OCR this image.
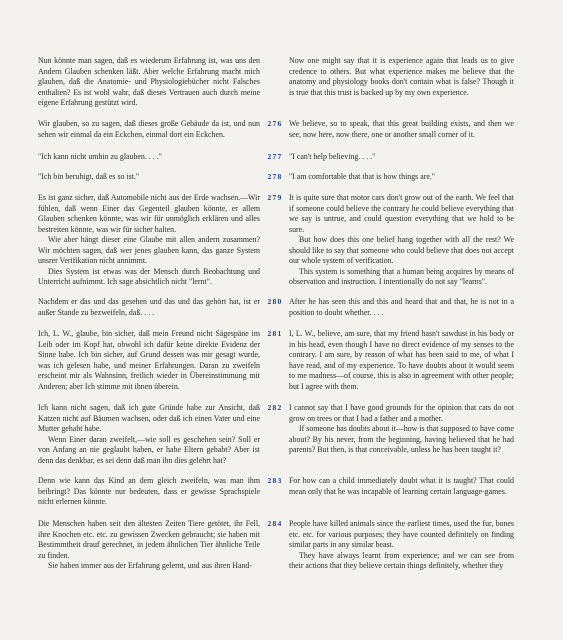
Nun könnte man sagen, daß es wiederum Erfahrung ist, was uns den Andern Glauben schenken läßt. Aber welche Erfahrung macht mich glauben, daß die Anatomie- und Physiologiebücher nicht Falsches enthalten? Es ist wohl wahr, daß dieses Vertrauen auch durch meine eigene Erfahrung gestützt wird.

Now one might say that it is experience again that leads us to give credence to others. But what experience makes me believe that the anatomy and physiology books don't contain what is false? Though it is true that this trust is backed up by my own experience.

Wir glauben, so zu sagen, daß dieses große Gebäude da ist, und nun sehen wir einmal da ein Eckchen, einmal dort ein Eckchen.

276 We believe, so to speak, that this great building exists, and then we see, now here, now there, one or another small corner of it.

"Ich kann nicht umhin zu glauben. . . ."	277 "I can't help believing. . . ."

"Ich bin beruhigt, daß es so ist."	278 "I am comfortable that that is how things are."

Es ist ganz sicher, daß Automobile nicht aus der Erde wachsen.—Wir fühlen, daß wenn Einer das Gegenteil glauben könnte, er allem Glauben schenken könnte, was wir für unmöglich erklären und alles bestreiten könnte, was wir für sicher halten.

Wie aber hängt dieser eine Glaube mit allen andern zusammen? Wir möchten sagen, daß wer jenes glauben kann, das ganze System unsrer Verifikation nicht annimmt.

Dies System ist etwas was der Mensch durch Beobachtung und Unterricht aufnimmt. Ich sage absichtlich nicht "lernt".

279 It is quite sure that motor cars don't grow out of the earth. We feel that if someone could believe the contrary he could believe everything that we say is untrue, and could question everything that we hold to be sure.

But how does this one belief hang together with all the rest? We should like to say that someone who could believe that does not accept our whole system of verification.

This system is something that a human being acquires by means of observation and instruction. I intentionally do not say "learns".

Nachdem er das und das gesehen und das und das gehört hat, ist er außer Stande zu bezweifeln, daß. . . .

280 After he has seen this and this and heard that and that, he is not in a position to doubt whether. . . .

Ich, L. W., glaube, bin sicher, daß mein Freund nicht Sägespäne im Leib oder im Kopf hat, obwohl ich dafür keine direkte Evidenz der Sinne habe. Ich bin sicher, auf Grund dessen was mir gesagt wurde, was ich gelesen habe, und meiner Erfahrungen. Daran zu zweifeln erscheint mir als Wahnsinn, freilich wieder in Übereinstimmung mit Anderen; aber Ich stimme mit ihnen überein.

281 I, L. W., believe, am sure, that my friend hasn't sawdust in his body or in his head, even though I have no direct evidence of my senses to the contrary. I am sure, by reason of what has been said to me, of what I have read, and of my experience. To have doubts about it would seem to me madness—of course, this is also in agreement with other people; but I agree with them.

Ich kann nicht sagen, daß ich gute Gründe habe zur Ansicht, daß Katzen nicht auf Bäumen wachsen, oder daß ich einen Vater und eine Mutter gehabt habe.

Wenn Einer daran zweifelt,—wie soll es geschehen sein? Soll er von Anfang an nie geglaubt haben, er habe Eltern gehabt? Aber ist denn das denkbar, es sei denn daß man ihn dies gelehrt hat?

282 I cannot say that I have good grounds for the opinion that cats do not grow on trees or that I had a father and a mother.

If someone has doubts about it—how is that supposed to have come about? By his never, from the beginning, having believed that he had parents? But then, is that conceivable, unless he has been taught it?

Denn wie kann das Kind an dem gleich zweifeln, was man ihm beibringt? Das könnte nur bedeuten, dass er gewisse Sprachspiele nicht erlernen könnte.

283 For how can a child immediately doubt what it is taught? That could mean only that he was incapable of learning certain language-games.

Die Menschen haben seit den ältesten Zeiten Tiere getötet, ihr Fell, ihre Knochen etc. etc. zu gewissen Zwecken gebraucht; sie haben mit Bestimmtheit drauf gerechnet, in jedem ähnlichen Tier ähnliche Teile zu finden.

Sie haben immer aus der Erfahrung gelernt, und aus ihren Hand-

284 People have killed animals since the earliest times, used the fur, bones etc. etc. for various purposes; they have counted definitely on finding similar parts in any similar beast.

They have always learnt from experience; and we can see from their actions that they believe certain things definitely, whether they
